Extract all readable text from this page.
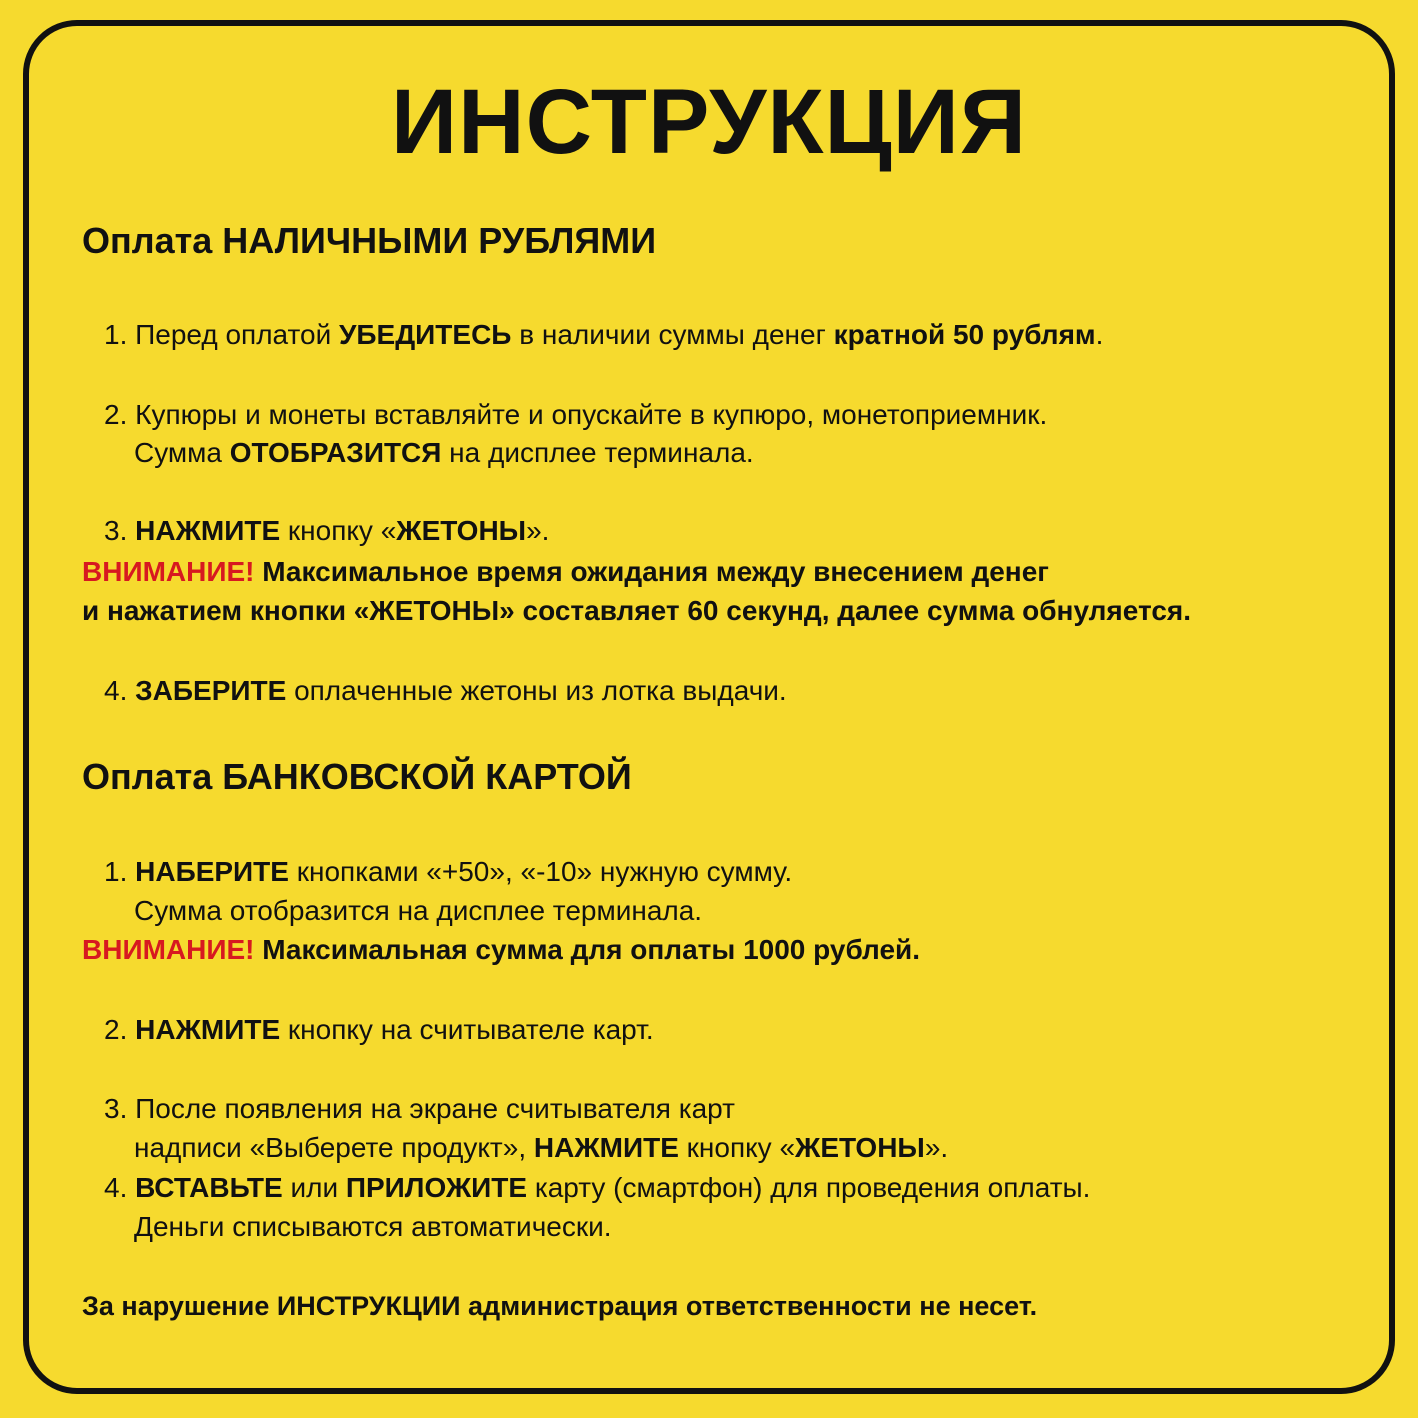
ИНСТРУКЦИЯ
Оплата НАЛИЧНЫМИ РУБЛЯМИ
1. Перед оплатой УБЕДИТЕСЬ в наличии суммы денег кратной 50 рублям.
2. Купюры и монеты вставляйте и опускайте в купюро, монетоприемник.
Сумма ОТОБРАЗИТСЯ на дисплее терминала.
3. НАЖМИТЕ кнопку «ЖЕТОНЫ».
ВНИМАНИЕ! Максимальное время ожидания между внесением денег
и нажатием кнопки «ЖЕТОНЫ» составляет 60 секунд, далее сумма обнуляется.
4. ЗАБЕРИТЕ оплаченные жетоны из лотка выдачи.
Оплата БАНКОВСКОЙ КАРТОЙ
1. НАБЕРИТЕ кнопками «+50», «-10» нужную сумму.
Сумма отобразится на дисплее терминала.
ВНИМАНИЕ! Максимальная сумма для оплаты 1000 рублей.
2. НАЖМИТЕ кнопку на считывателе карт.
3. После появления на экране считывателя карт
надписи «Выберете продукт», НАЖМИТЕ кнопку «ЖЕТОНЫ».
4. ВСТАВЬТЕ или ПРИЛОЖИТЕ карту (смартфон) для проведения оплаты.
Деньги списываются автоматически.
За нарушение ИНСТРУКЦИИ администрация ответственности не несет.
